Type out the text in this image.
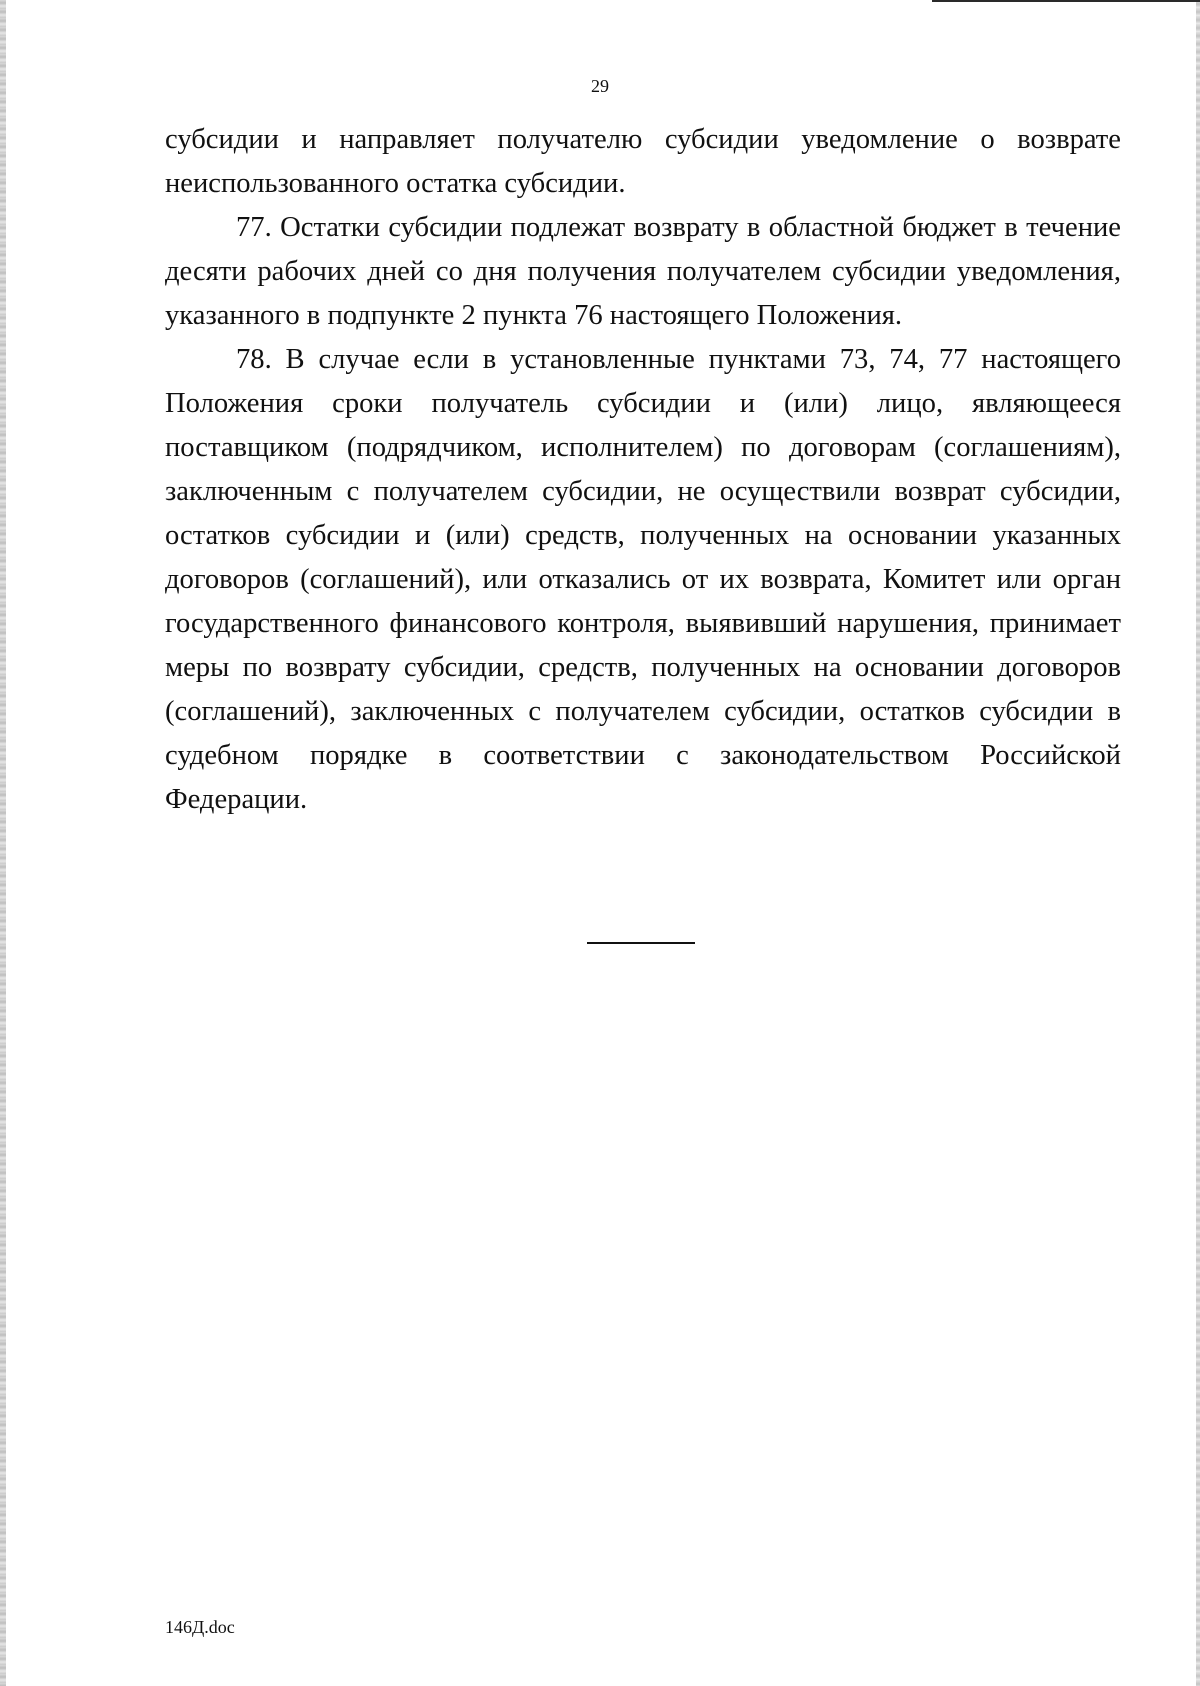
29

субсидии и направляет получателю субсидии уведомление о возврате неиспользованного остатка субсидии.

77. Остатки субсидии подлежат возврату в областной бюджет в течение десяти рабочих дней со дня получения получателем субсидии уведомления, указанного в подпункте 2 пункта 76 настоящего Положения.

78. В случае если в установленные пунктами 73, 74, 77 настоящего Положения сроки получатель субсидии и (или) лицо, являющееся поставщиком (подрядчиком, исполнителем) по договорам (соглашениям), заключенным с получателем субсидии, не осуществили возврат субсидии, остатков субсидии и (или) средств, полученных на основании указанных договоров (соглашений), или отказались от их возврата, Комитет или орган государственного финансового контроля, выявивший нарушения, принимает меры по возврату субсидии, средств, полученных на основании договоров (соглашений), заключенных с получателем субсидии, остатков субсидии в судебном порядке в соответствии с законодательством Российской Федерации.

146Д.doc
